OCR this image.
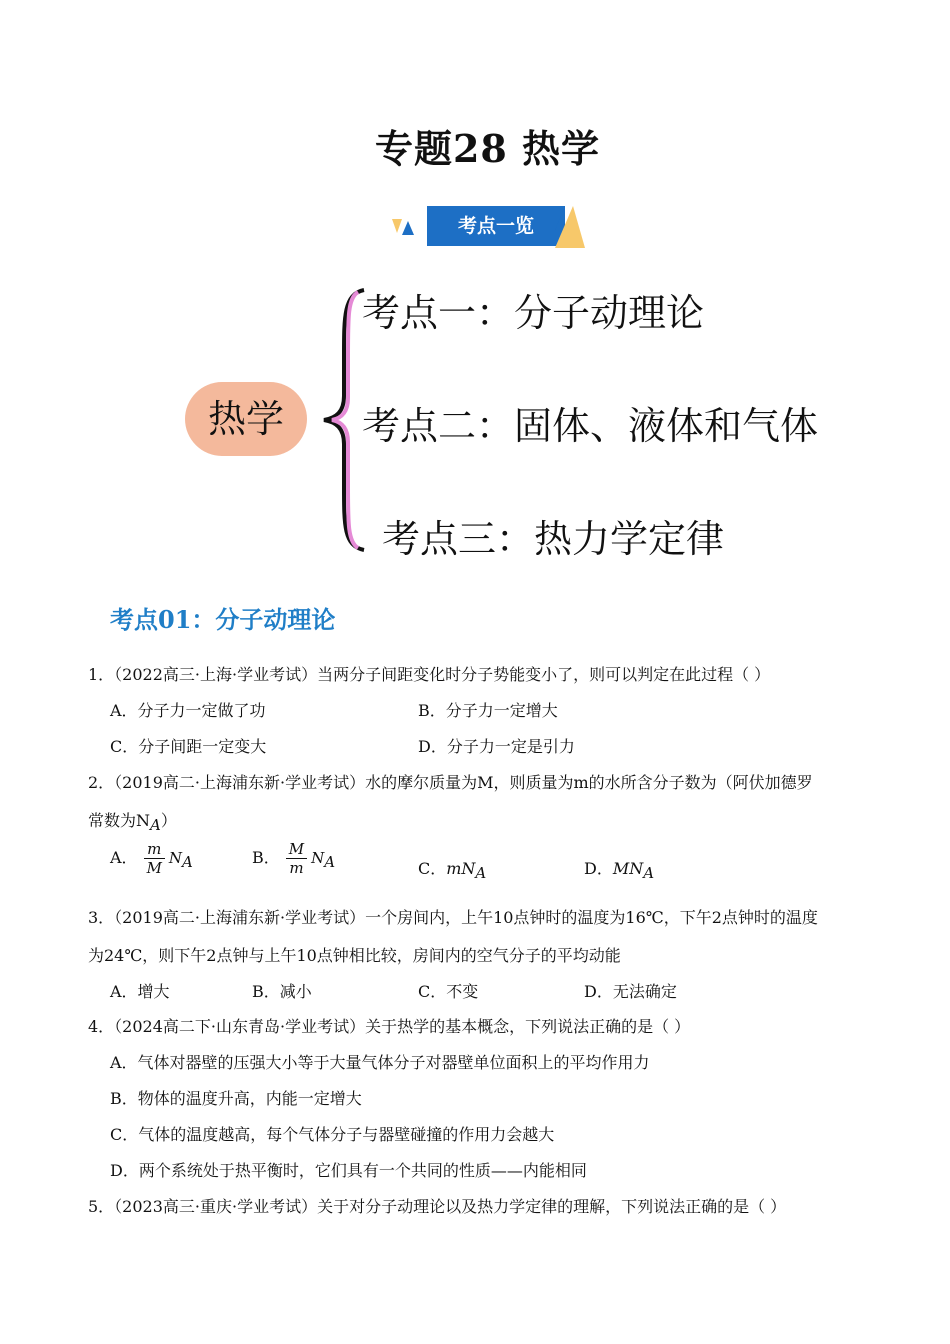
专题28 热学
考点一览
热学
考点一：分子动理论
考点二：固体、液体和气体
考点三：热力学定律
考点01：分子动理论
1．（2022高三·上海·学业考试）当两分子间距变化时分子势能变小了，则可以判定在此过程（ ）
A．分子力一定做了功	B．分子力一定增大
C．分子间距一定变大	D．分子力一定是引力
2．（2019高二·上海浦东新·学业考试）水的摩尔质量为M，则质量为m的水所含分子数为（阿伏加德罗
常数为$N_A$）
A． $\frac{m}{M} N_A$	B． $\frac{M}{m} N_A$	C．$mN_A$	D．$MN_A$
3．（2019高二·上海浦东新·学业考试）一个房间内，上午10点钟时的温度为16℃，下午2点钟时的温度
为24℃，则下午2点钟与上午10点钟相比较，房间内的空气分子的平均动能
A．增大	B．减小	C．不变	D．无法确定
4．（2024高二下·山东青岛·学业考试）关于热学的基本概念，下列说法正确的是（ ）
A．气体对器壁的压强大小等于大量气体分子对器壁单位面积上的平均作用力
B．物体的温度升高，内能一定增大
C．气体的温度越高，每个气体分子与器壁碰撞的作用力会越大
D．两个系统处于热平衡时，它们具有一个共同的性质——内能相同
5．（2023高三·重庆·学业考试）关于对分子动理论以及热力学定律的理解，下列说法正确的是（ ）
